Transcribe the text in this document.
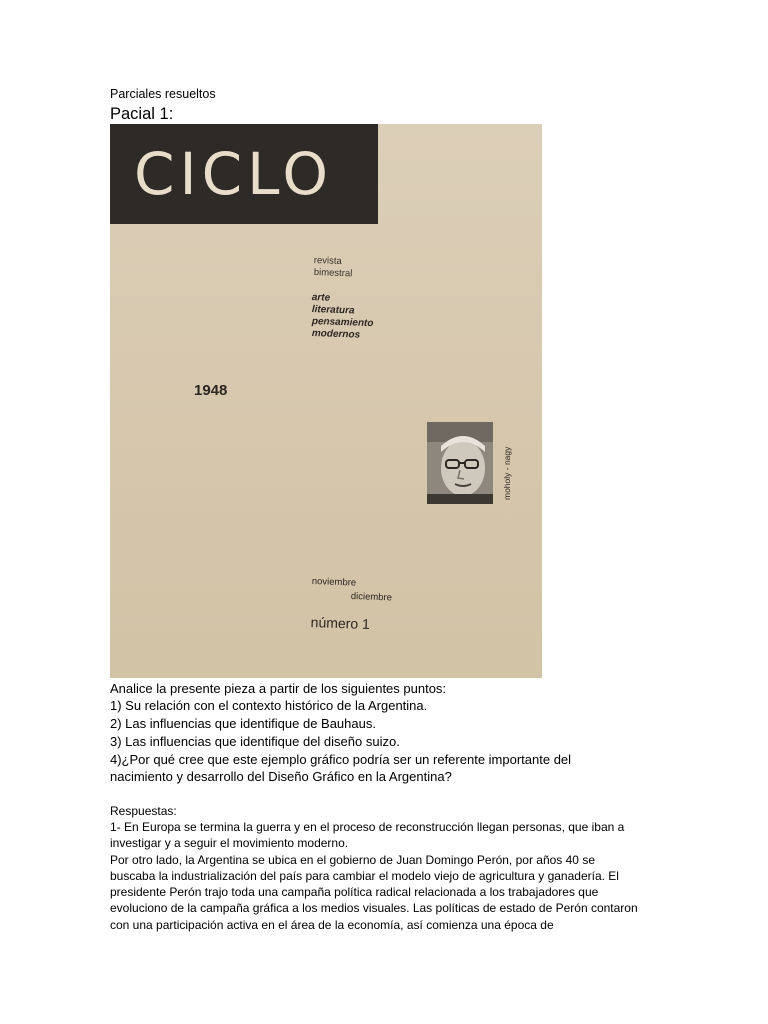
Parciales resueltos
Pacial 1:
CICLO
revista
bimestral
arte
literatura
pensamiento
modernos
1948
moholy - nagy
noviembre
diciembre
número 1

Analice la presente pieza a partir de los siguientes puntos:

1) Su relación con el contexto histórico de la Argentina.

2) Las influencias que identifique de Bauhaus.

3) Las influencias que identifique del diseño suizo.

4)¿Por qué cree que este ejemplo gráfico podría ser un referente importante del nacimiento y desarrollo del Diseño Gráfico en la Argentina?

Respuestas:

1- En Europa se termina la guerra y en el proceso de reconstrucción llegan personas, que iban a investigar y a seguir el movimiento moderno.

Por otro lado, la Argentina se ubica en el gobierno de Juan Domingo Perón, por años 40 se buscaba la industrialización del país para cambiar el modelo viejo de agricultura y ganadería. El presidente Perón trajo toda una campaña política radical relacionada a los trabajadores que evoluciono de la campaña gráfica a los medios visuales. Las políticas de estado de Perón contaron con una participación activa en el área de la economía, así comienza una época de
